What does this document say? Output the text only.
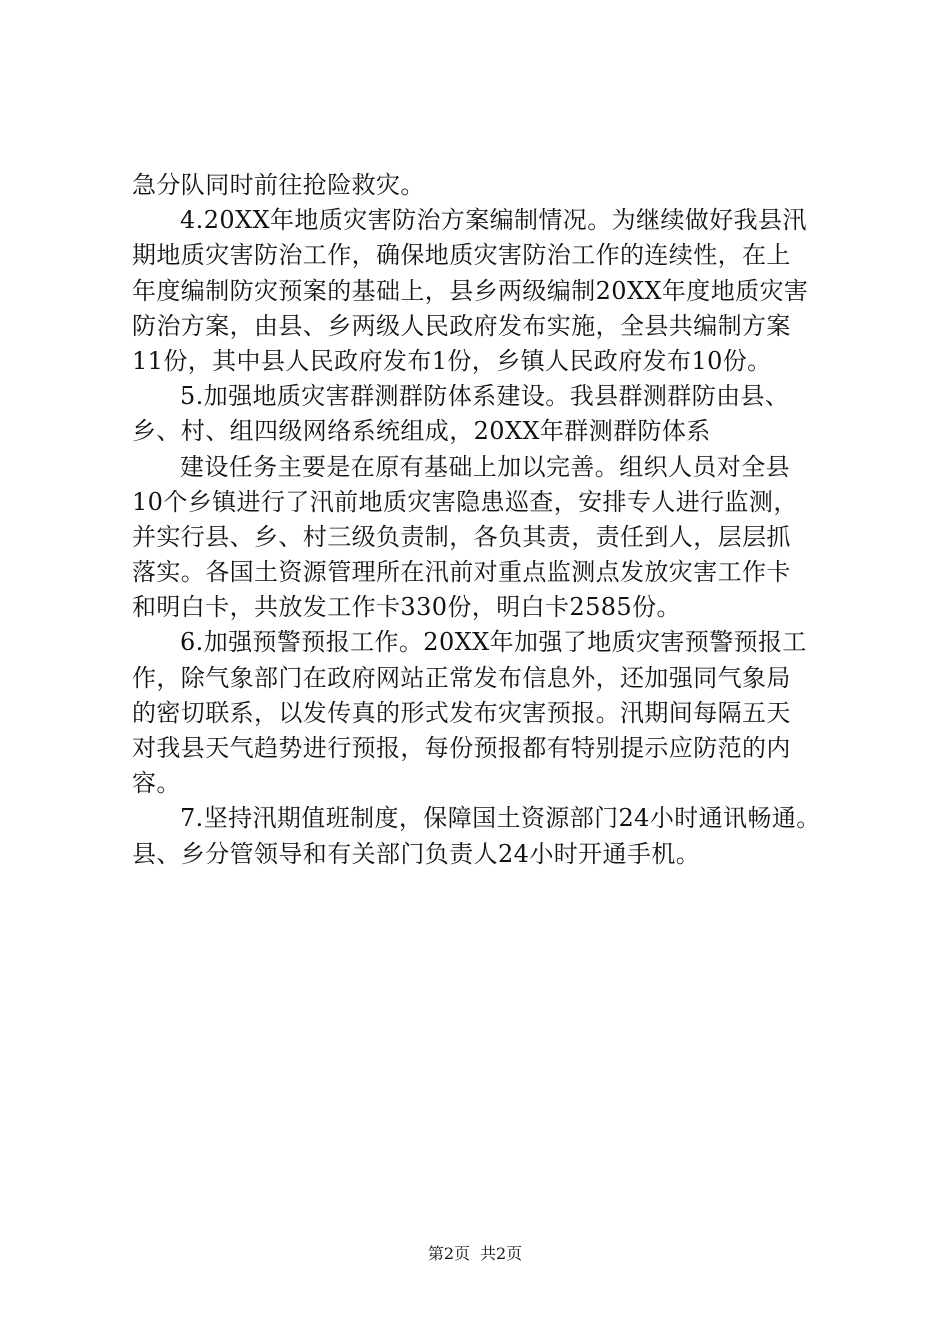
急分队同时前往抢险救灾。
4.20XX年地质灾害防治方案编制情况。为继续做好我县汛
期地质灾害防治工作，确保地质灾害防治工作的连续性，在上
年度编制防灾预案的基础上，县乡两级编制20XX年度地质灾害
防治方案，由县、乡两级人民政府发布实施，全县共编制方案
11份，其中县人民政府发布1份，乡镇人民政府发布10份。
5.加强地质灾害群测群防体系建设。我县群测群防由县、
乡、村、组四级网络系统组成，20XX年群测群防体系
建设任务主要是在原有基础上加以完善。组织人员对全县
10个乡镇进行了汛前地质灾害隐患巡查，安排专人进行监测，
并实行县、乡、村三级负责制，各负其责，责任到人，层层抓
落实。各国土资源管理所在汛前对重点监测点发放灾害工作卡
和明白卡，共放发工作卡330份，明白卡2585份。
6.加强预警预报工作。20XX年加强了地质灾害预警预报工
作，除气象部门在政府网站正常发布信息外，还加强同气象局
的密切联系，以发传真的形式发布灾害预报。汛期间每隔五天
对我县天气趋势进行预报，每份预报都有特别提示应防范的内
容。
7.坚持汛期值班制度，保障国土资源部门24小时通讯畅通。
县、乡分管领导和有关部门负责人24小时开通手机。
第2页 共2页
